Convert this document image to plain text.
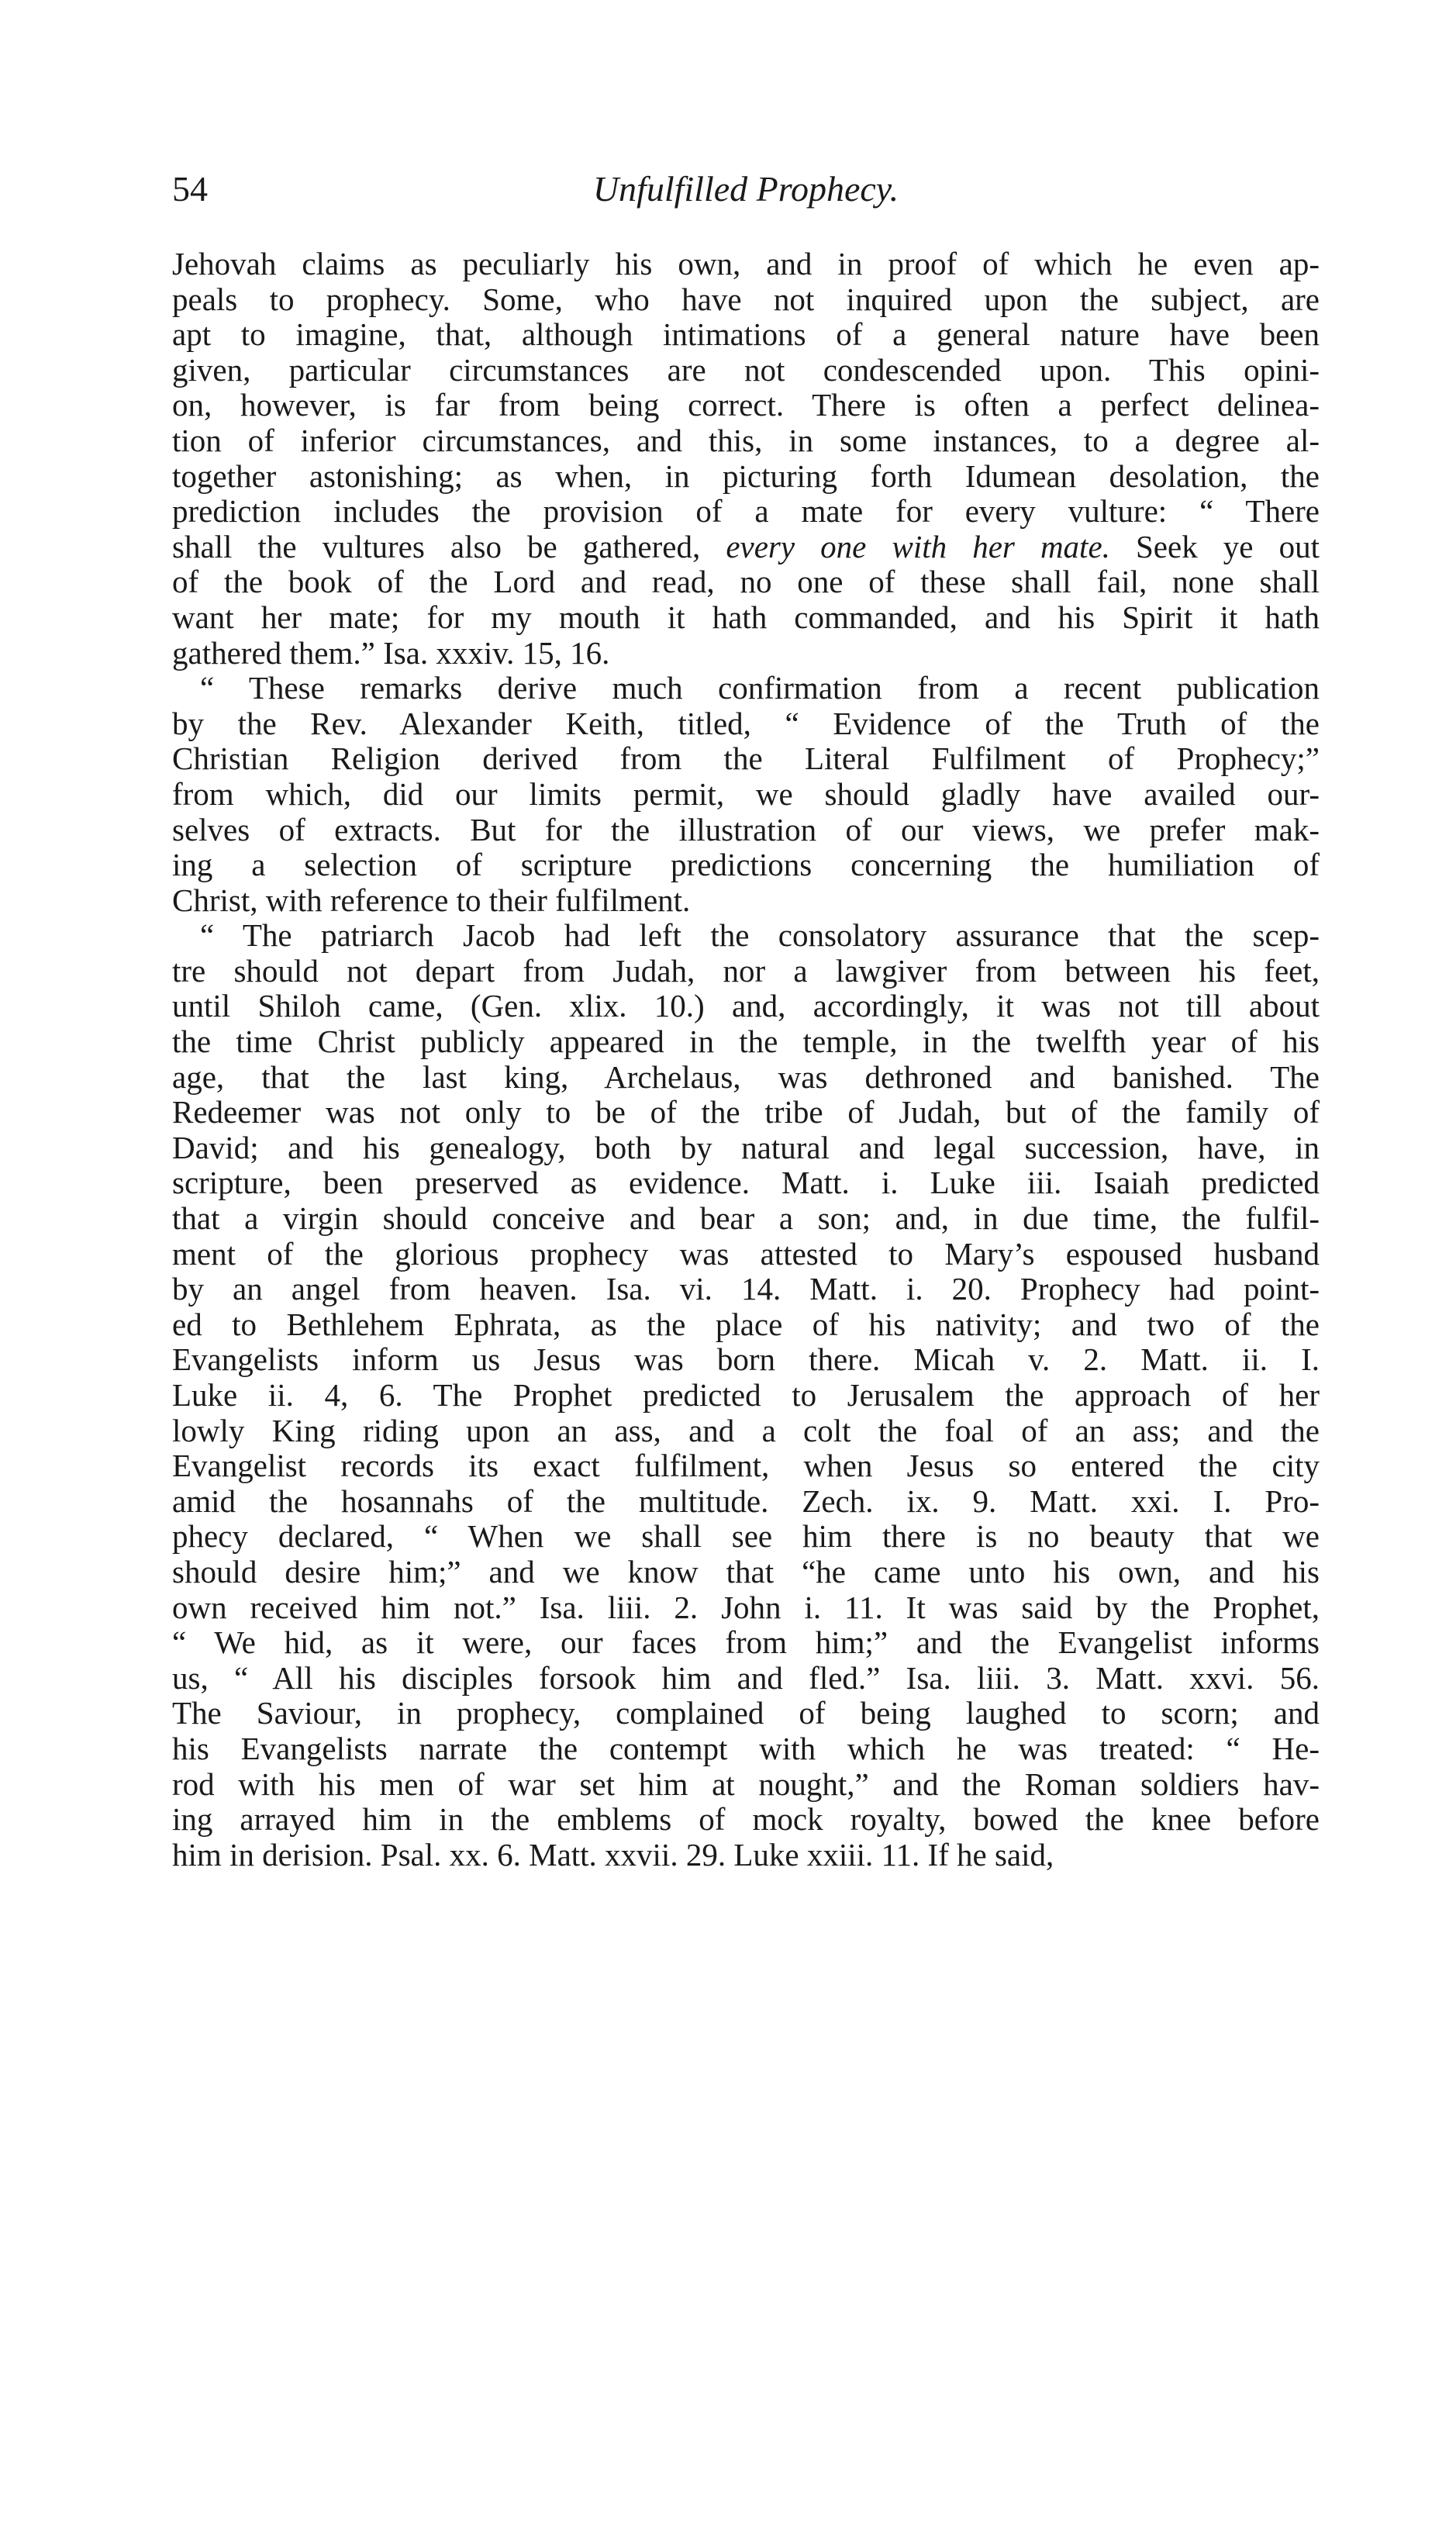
54	Unfulfilled Prophecy.
Jehovah claims as peculiarly his own, and in proof of which he even ap-
peals to prophecy. Some, who have not inquired upon the subject, are
apt to imagine, that, although intimations of a general nature have been
given, particular circumstances are not condescended upon. This opini-
on, however, is far from being correct. There is often a perfect delinea-
tion of inferior circumstances, and this, in some instances, to a degree al-
together astonishing; as when, in picturing forth Idumean desolation, the
prediction includes the provision of a mate for every vulture: “ There
shall the vultures also be gathered, every one with her mate. Seek ye out
of the book of the Lord and read, no one of these shall fail, none shall
want her mate; for my mouth it hath commanded, and his Spirit it hath
gathered them.” Isa. xxxiv. 15, 16.
“ These remarks derive much confirmation from a recent publication
by the Rev. Alexander Keith, titled, “ Evidence of the Truth of the
Christian Religion derived from the Literal Fulfilment of Prophecy;”
from which, did our limits permit, we should gladly have availed our-
selves of extracts. But for the illustration of our views, we prefer mak-
ing a selection of scripture predictions concerning the humiliation of
Christ, with reference to their fulfilment.
“ The patriarch Jacob had left the consolatory assurance that the scep-
tre should not depart from Judah, nor a lawgiver from between his feet,
until Shiloh came, (Gen. xlix. 10.) and, accordingly, it was not till about
the time Christ publicly appeared in the temple, in the twelfth year of his
age, that the last king, Archelaus, was dethroned and banished. The
Redeemer was not only to be of the tribe of Judah, but of the family of
David; and his genealogy, both by natural and legal succession, have, in
scripture, been preserved as evidence. Matt. i. Luke iii. Isaiah predicted
that a virgin should conceive and bear a son; and, in due time, the fulfil-
ment of the glorious prophecy was attested to Mary’s espoused husband
by an angel from heaven. Isa. vi. 14. Matt. i. 20. Prophecy had point-
ed to Bethlehem Ephrata, as the place of his nativity; and two of the
Evangelists inform us Jesus was born there. Micah v. 2. Matt. ii. I.
Luke ii. 4, 6. The Prophet predicted to Jerusalem the approach of her
lowly King riding upon an ass, and a colt the foal of an ass; and the
Evangelist records its exact fulfilment, when Jesus so entered the city
amid the hosannahs of the multitude. Zech. ix. 9. Matt. xxi. I. Pro-
phecy declared, “ When we shall see him there is no beauty that we
should desire him;” and we know that “he came unto his own, and his
own received him not.” Isa. liii. 2. John i. 11. It was said by the Prophet,
“ We hid, as it were, our faces from him;” and the Evangelist informs
us, “ All his disciples forsook him and fled.” Isa. liii. 3. Matt. xxvi. 56.
The Saviour, in prophecy, complained of being laughed to scorn; and
his Evangelists narrate the contempt with which he was treated: “ He-
rod with his men of war set him at nought,” and the Roman soldiers hav-
ing arrayed him in the emblems of mock royalty, bowed the knee before
him in derision. Psal. xx. 6. Matt. xxvii. 29. Luke xxiii. 11. If he said,
